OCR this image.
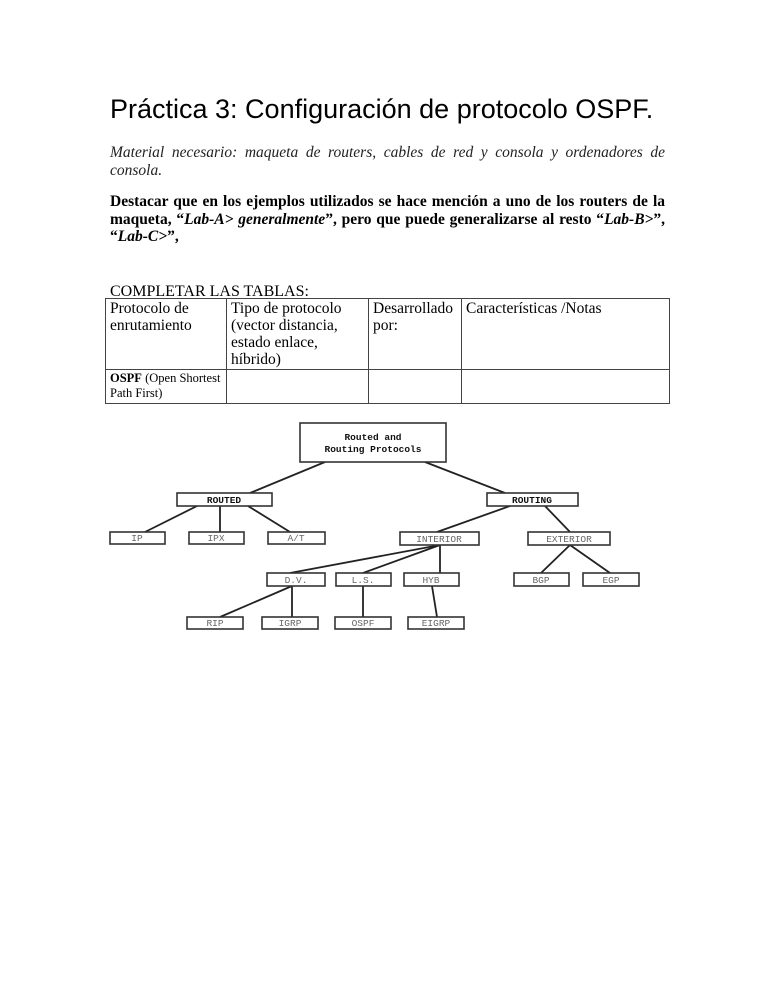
Práctica 3: Configuración de protocolo OSPF.
Material necesario: maqueta de routers, cables de red y consola y ordenadores de consola.
Destacar que en los ejemplos utilizados se hace mención a uno de los routers de la maqueta, “Lab-A> generalmente”, pero que puede generalizarse al resto “Lab-B>”, “Lab-C>”,
COMPLETAR LAS TABLAS:
Protocolo de enrutamiento	Tipo de protocolo (vector distancia, estado enlace, híbrido)	Desarrollado por:	Características /Notas
OSPF (Open Shortest Path First)			
Routed and
Routing Protocols
ROUTED	ROUTING
IP	IPX	A/T	INTERIOR	EXTERIOR
D.V.	L.S.	HYB	BGP	EGP
RIP	IGRP	OSPF	EIGRP
